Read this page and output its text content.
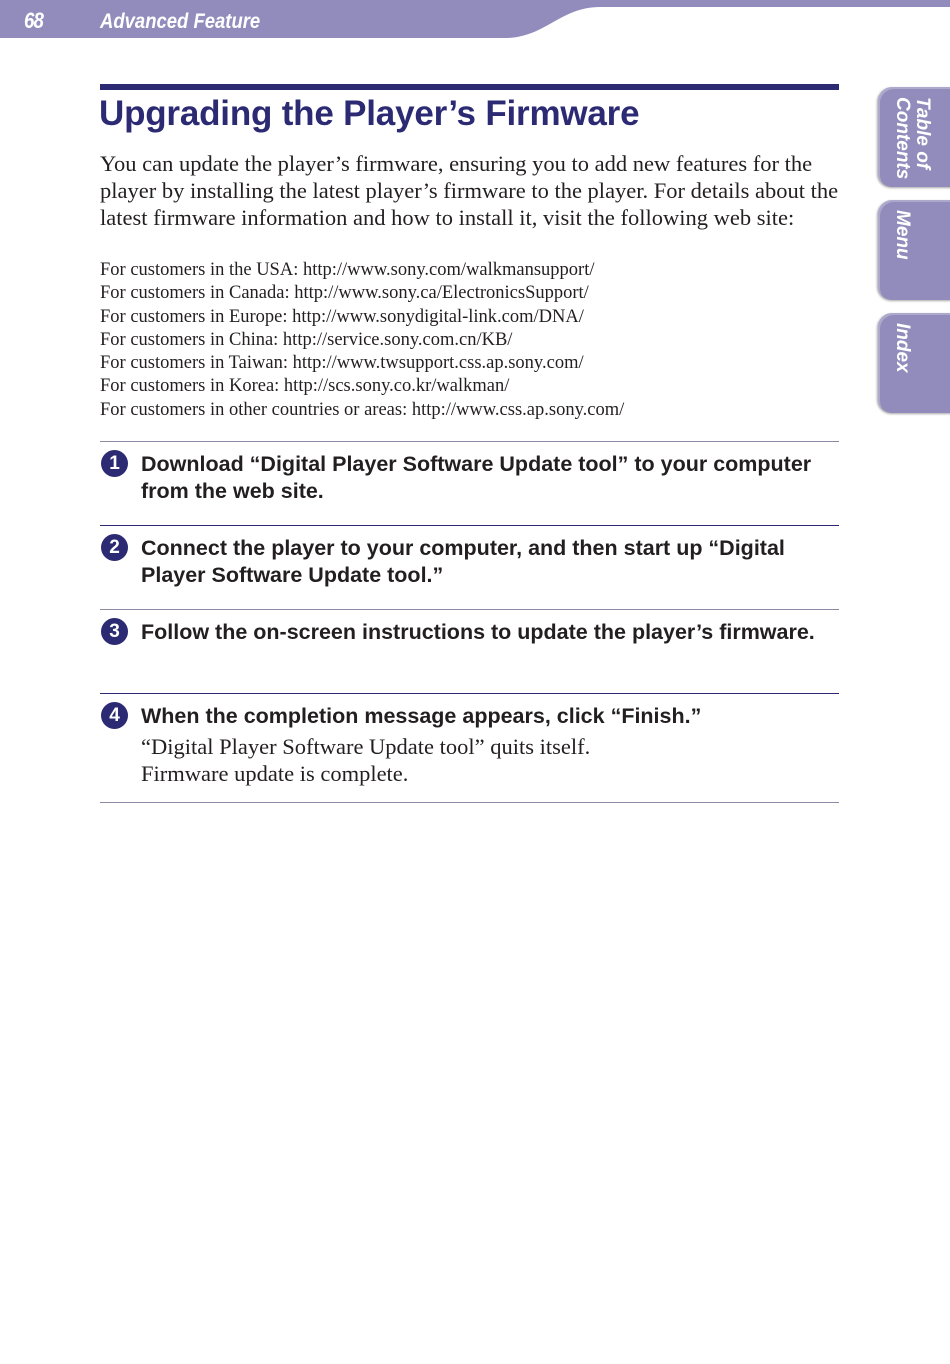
68	Advanced Feature
Table of
Contents
Menu
Index
Upgrading the Player’s Firmware

You can update the player’s firmware, ensuring you to add new features for the player by installing the latest player’s firmware to the player. For details about the latest firmware information and how to install it, visit the following web site:

For customers in the USA: http://www.sony.com/walkmansupport/
For customers in Canada: http://www.sony.ca/ElectronicsSupport/
For customers in Europe: http://www.sonydigital-link.com/DNA/
For customers in China: http://service.sony.com.cn/KB/
For customers in Taiwan: http://www.twsupport.css.ap.sony.com/
For customers in Korea: http://scs.sony.co.kr/walkman/
For customers in other countries or areas: http://www.css.ap.sony.com/
1 Download “Digital Player Software Update tool” to your computer from the web site.

2 Connect the player to your computer, and then start up “Digital Player Software Update tool.”

3 Follow the on-screen instructions to update the player’s firmware.

4 When the completion message appears, click “Finish.”

“Digital Player Software Update tool” quits itself.

Firmware update is complete.
